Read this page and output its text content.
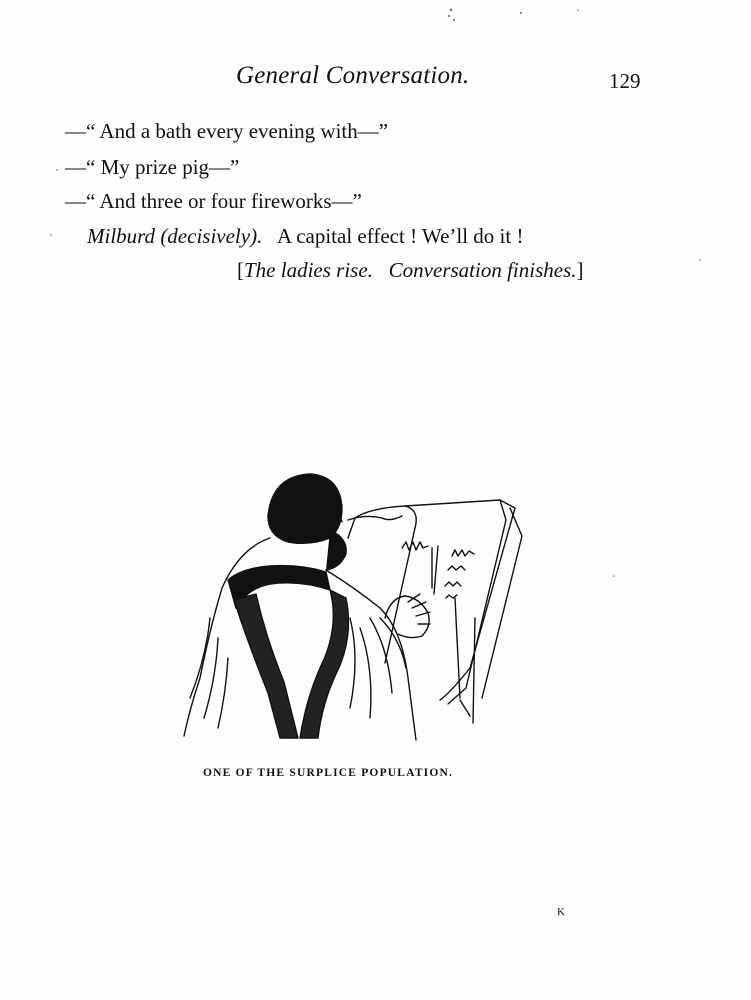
General Conversation.	129
—“ And a bath every evening with—”
—“ My prize pig—”
—“ And three or four fireworks—”
Milburd (decisively). A capital effect ! We’ll do it !
[The ladies rise. Conversation finishes.]
ONE OF THE SURPLICE POPULATION.
K
